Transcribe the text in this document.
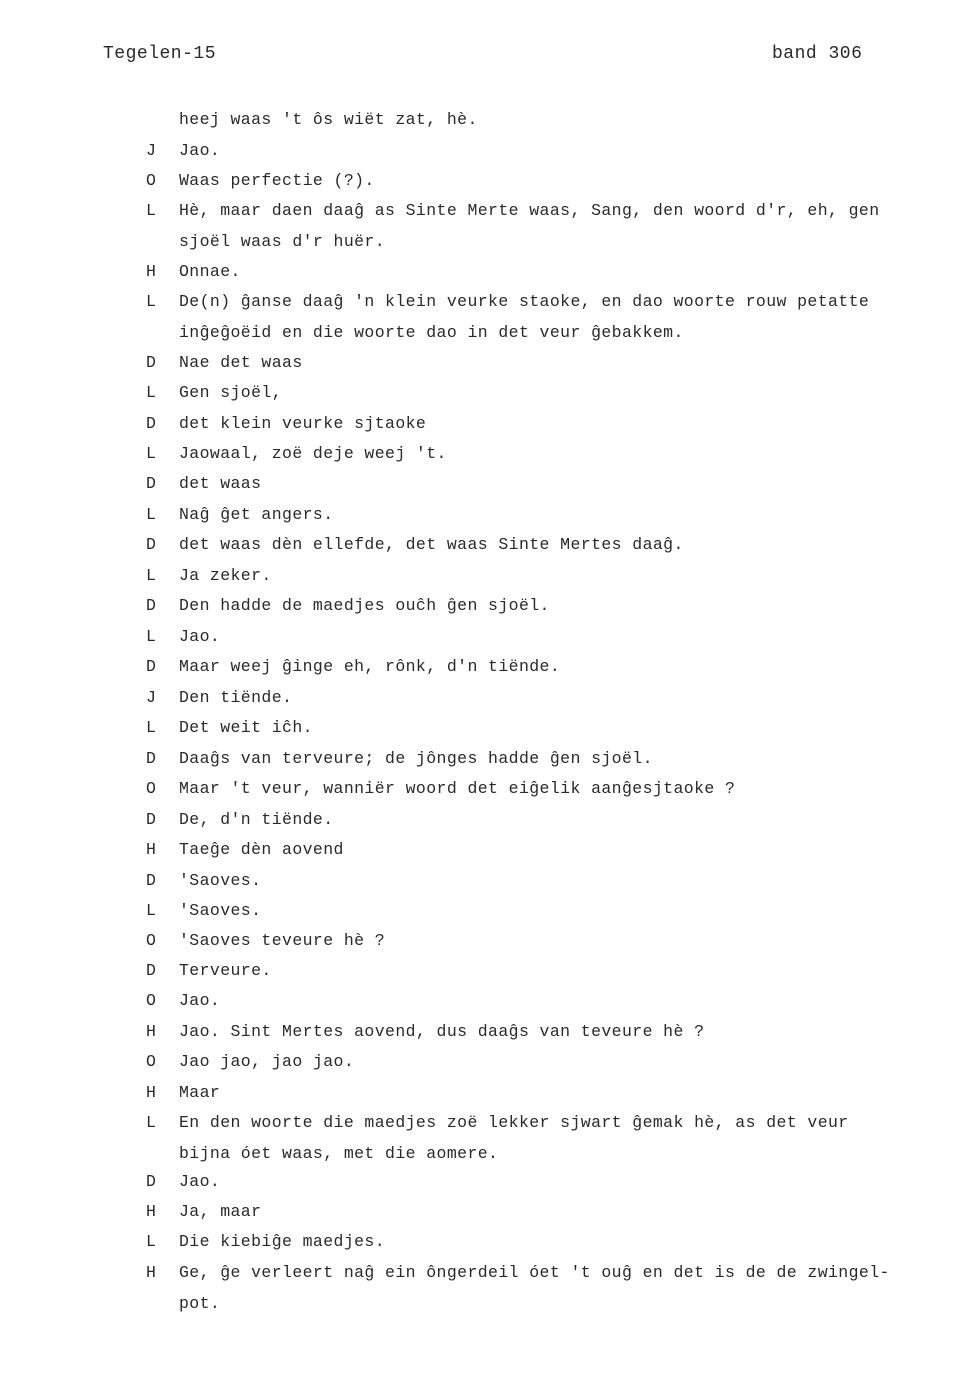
Tegelen-15	band 306
heej waas 't ôs wiët zat, hè.
J	Jao.
O	Waas perfectie (?).
L	Hè, maar daen daaĝ as Sinte Merte waas, Sang, den woord d'r, eh, gen
sjoël waas d'r huër.
H	Onnae.
L	De(n) ĝanse daaĝ 'n klein veurke staoke, en dao woorte rouw petatte
inĝeĝoëid en die woorte dao in det veur ĝebakkem.
D	Nae det waas
L	Gen sjoël,
D	det klein veurke sjtaoke
L	Jaowaal, zoë deje weej 't.
D	det waas
L	Naĝ ĝet angers.
D	det waas dèn ellefde, det waas Sinte Mertes daaĝ.
L	Ja zeker.
D	Den hadde de maedjes ouĉh ĝen sjoël.
L	Jao.
D	Maar weej ĝinge eh, rônk, d'n tiënde.
J	Den tiënde.
L	Det weit iĉh.
D	Daaĝs van terveure; de jônges hadde ĝen sjoël.
O	Maar 't veur, wanniër woord det eiĝelik aanĝesjtaoke ?
D	De, d'n tiënde.
H	Taeĝe dèn aovend
D	'Saoves.
L	'Saoves.
O	'Saoves teveure hè ?
D	Terveure.
O	Jao.
H	Jao. Sint Mertes aovend, dus daaĝs van teveure hè ?
O	Jao jao, jao jao.
H	Maar
L	En den woorte die maedjes zoë lekker sjwart ĝemak hè, as det veur
bijna óet waas, met die aomere.
D	Jao.
H	Ja, maar
L	Die kiebiĝe maedjes.
H	Ge, ĝe verleert naĝ ein ôngerdeil óet 't ouĝ en det is de de zwingel-
pot.
